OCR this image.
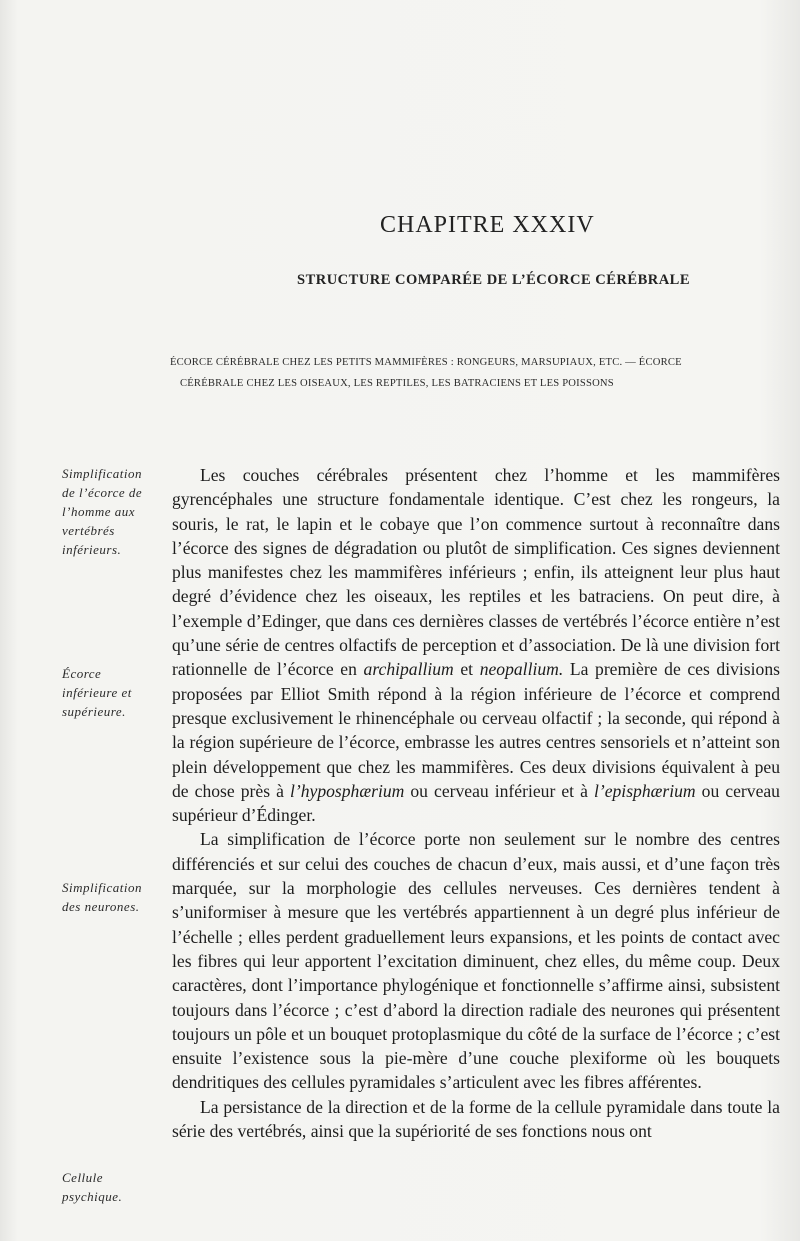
CHAPITRE XXXIV
STRUCTURE COMPARÉE DE L’ÉCORCE CÉRÉBRALE
ÉCORCE CÉRÉBRALE CHEZ LES PETITS MAMMIFÈRES : RONGEURS, MARSUPIAUX, ETC. — ÉCORCE
CÉRÉBRALE CHEZ LES OISEAUX, LES REPTILES, LES BATRACIENS ET LES POISSONS
Simplification de l’écorce de l’homme aux vertébrés inférieurs.
Écorce inférieure et supérieure.
Simplification des neurones.
Cellule psychique.

Les couches cérébrales présentent chez l’homme et les mammifères gyrencéphales une structure fondamentale identique. C’est chez les rongeurs, la souris, le rat, le lapin et le cobaye que l’on commence surtout à reconnaître dans l’écorce des signes de dégradation ou plutôt de simplification. Ces signes deviennent plus manifestes chez les mammifères inférieurs ; enfin, ils atteignent leur plus haut degré d’évidence chez les oiseaux, les reptiles et les batraciens. On peut dire, à l’exemple d’Edinger, que dans ces dernières classes de vertébrés l’écorce entière n’est qu’une série de centres olfactifs de perception et d’association. De là une division fort rationnelle de l’écorce en archipallium et neopallium. La première de ces divisions proposées par Elliot Smith répond à la région inférieure de l’écorce et comprend presque exclusivement le rhinencéphale ou cerveau olfactif ; la seconde, qui répond à la région supérieure de l’écorce, embrasse les autres centres sensoriels et n’atteint son plein développement que chez les mammifères. Ces deux divisions équivalent à peu de chose près à l’hyposphærium ou cerveau inférieur et à l’episphærium ou cerveau supérieur d’Édinger.

La simplification de l’écorce porte non seulement sur le nombre des centres différenciés et sur celui des couches de chacun d’eux, mais aussi, et d’une façon très marquée, sur la morphologie des cellules nerveuses. Ces dernières tendent à s’uniformiser à mesure que les vertébrés appartiennent à un degré plus inférieur de l’échelle ; elles perdent graduellement leurs expansions, et les points de contact avec les fibres qui leur apportent l’excitation diminuent, chez elles, du même coup. Deux caractères, dont l’importance phylogénique et fonctionnelle s’affirme ainsi, subsistent toujours dans l’écorce ; c’est d’abord la direction radiale des neurones qui présentent toujours un pôle et un bouquet protoplasmique du côté de la surface de l’écorce ; c’est ensuite l’existence sous la pie-mère d’une couche plexiforme où les bouquets dendritiques des cellules pyramidales s’articulent avec les fibres afférentes.

La persistance de la direction et de la forme de la cellule pyramidale dans toute la série des vertébrés, ainsi que la supériorité de ses fonctions nous ont
